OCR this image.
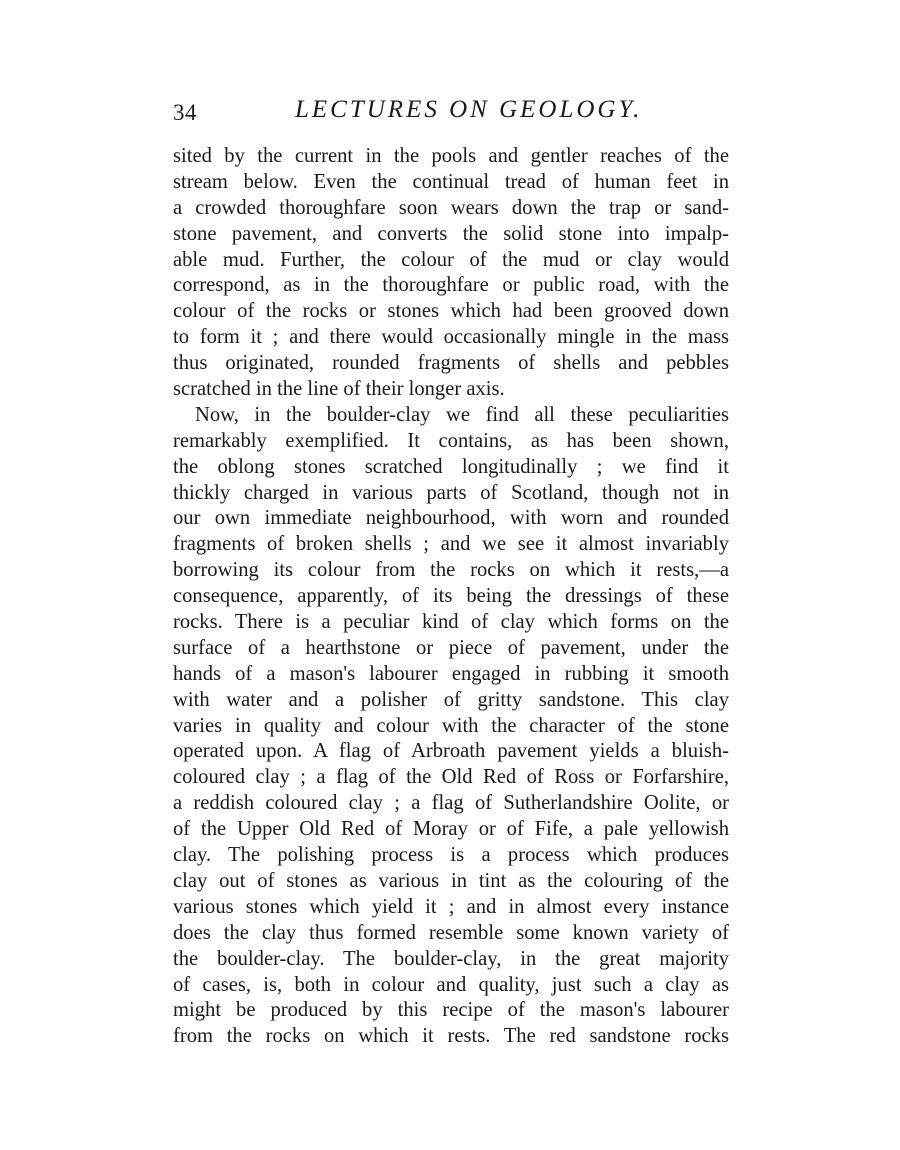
34	LECTURES ON GEOLOGY.
sited by the current in the pools and gentler reaches of the
stream below. Even the continual tread of human feet in
a crowded thoroughfare soon wears down the trap or sand-
stone pavement, and converts the solid stone into impalp-
able mud. Further, the colour of the mud or clay would
correspond, as in the thoroughfare or public road, with the
colour of the rocks or stones which had been grooved down
to form it ; and there would occasionally mingle in the mass
thus originated, rounded fragments of shells and pebbles
scratched in the line of their longer axis.
Now, in the boulder-clay we find all these peculiarities
remarkably exemplified. It contains, as has been shown,
the oblong stones scratched longitudinally ; we find it
thickly charged in various parts of Scotland, though not in
our own immediate neighbourhood, with worn and rounded
fragments of broken shells ; and we see it almost invariably
borrowing its colour from the rocks on which it rests,—a
consequence, apparently, of its being the dressings of these
rocks. There is a peculiar kind of clay which forms on the
surface of a hearthstone or piece of pavement, under the
hands of a mason's labourer engaged in rubbing it smooth
with water and a polisher of gritty sandstone. This clay
varies in quality and colour with the character of the stone
operated upon. A flag of Arbroath pavement yields a bluish-
coloured clay ; a flag of the Old Red of Ross or Forfarshire,
a reddish coloured clay ; a flag of Sutherlandshire Oolite, or
of the Upper Old Red of Moray or of Fife, a pale yellowish
clay. The polishing process is a process which produces
clay out of stones as various in tint as the colouring of the
various stones which yield it ; and in almost every instance
does the clay thus formed resemble some known variety of
the boulder-clay. The boulder-clay, in the great majority
of cases, is, both in colour and quality, just such a clay as
might be produced by this recipe of the mason's labourer
from the rocks on which it rests. The red sandstone rocks
